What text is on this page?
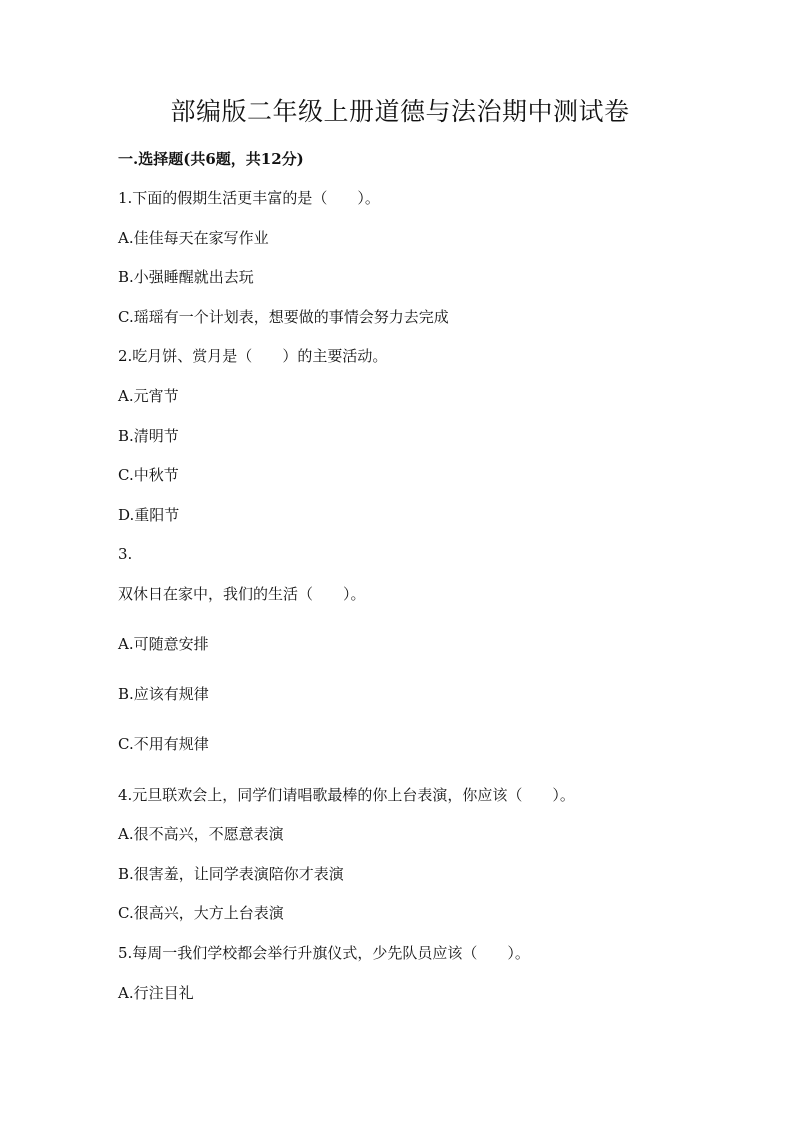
部编版二年级上册道德与法治期中测试卷
一.选择题(共6题，共12分)
1.下面的假期生活更丰富的是（　　）。
A.佳佳每天在家写作业
B.小强睡醒就出去玩
C.瑶瑶有一个计划表，想要做的事情会努力去完成
2.吃月饼、赏月是（　　）的主要活动。
A.元宵节
B.清明节
C.中秋节
D.重阳节
3.
双休日在家中，我们的生活（　　）。
A.可随意安排
B.应该有规律
C.不用有规律
4.元旦联欢会上，同学们请唱歌最棒的你上台表演，你应该（　　）。
A.很不高兴，不愿意表演
B.很害羞，让同学表演陪你才表演
C.很高兴，大方上台表演
5.每周一我们学校都会举行升旗仪式，少先队员应该（　　）。
A.行注目礼
